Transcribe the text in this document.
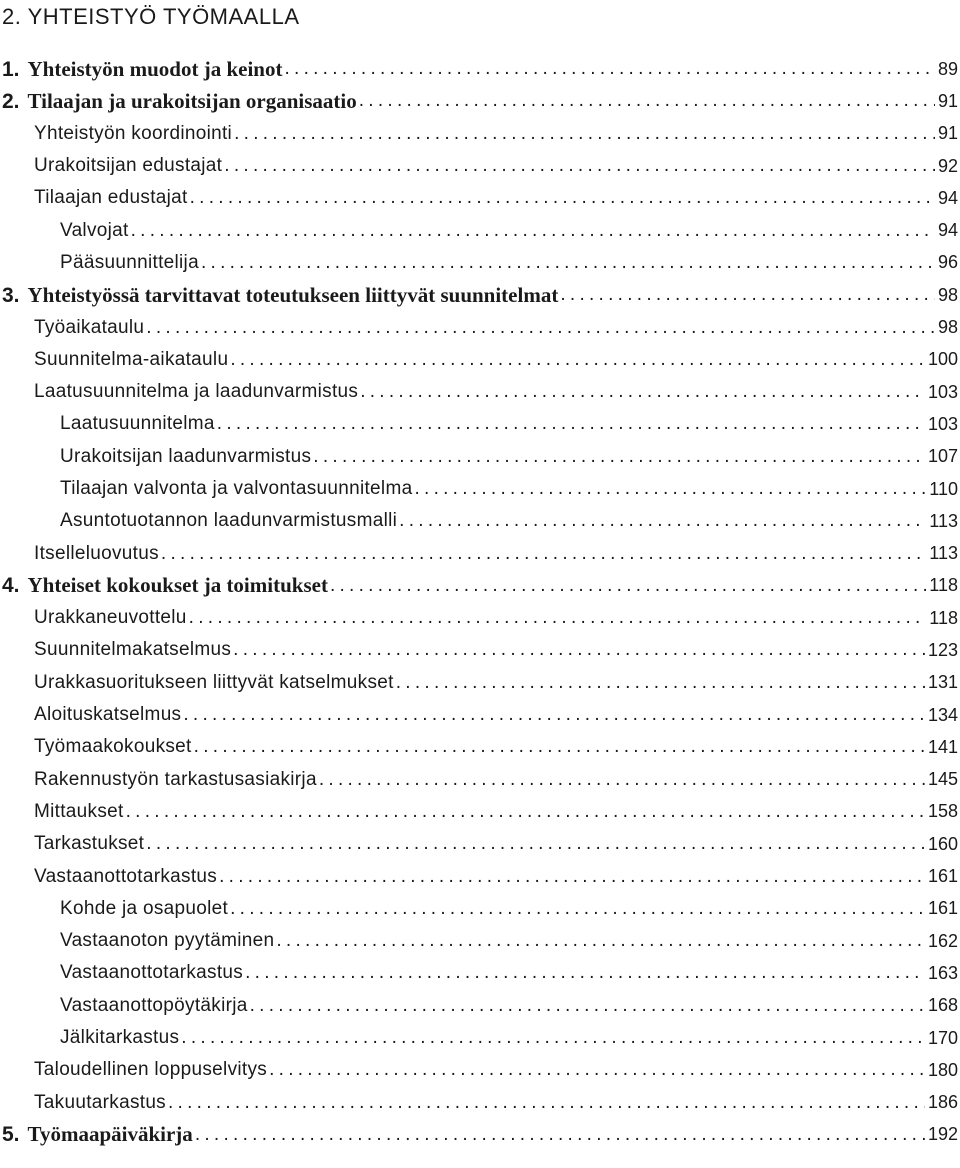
2. YHTEISTYÖ TYÖMAALLA
1. Yhteistyön muodot ja keinot . . .	89
2. Tilaajan ja urakoitsijan organisaatio . . .	91
Yhteistyön koordinointi . . .	91
Urakoitsijan edustajat . . .	92
Tilaajan edustajat . . .	94
Valvojat . . .	94
Pääsuunnittelija . . .	96
3. Yhteistyössä tarvittavat toteutukseen liittyvät suunnitelmat . . .	98
Työaikataulu . . .	98
Suunnitelma-aikataulu . . .	100
Laatusuunnitelma ja laadunvarmistus . . .	103
Laatusuunnitelma . . .	103
Urakoitsijan laadunvarmistus . . .	107
Tilaajan valvonta ja valvontasuunnitelma . . .	110
Asuntotuotannon laadunvarmistusmalli . . .	113
Itselleluovutus . . .	113
4. Yhteiset kokoukset ja toimitukset . . .	118
Urakkaneuvottelu . . .	118
Suunnitelmakatselmus . . .	123
Urakkasuoritukseen liittyvät katselmukset . . .	131
Aloituskatselmus . . .	134
Työmaakokoukset . . .	141
Rakennustyön tarkastusasiakirja . . .	145
Mittaukset . . .	158
Tarkastukset . . .	160
Vastaanottotarkastus . . .	161
Kohde ja osapuolet . . .	161
Vastaanoton pyytäminen . . .	162
Vastaanottotarkastus . . .	163
Vastaanottopöytäkirja . . .	168
Jälkitarkastus . . .	170
Taloudellinen loppuselvitys . . .	180
Takuutarkastus . . .	186
5. Työmaapäiväkirja . . .	192
